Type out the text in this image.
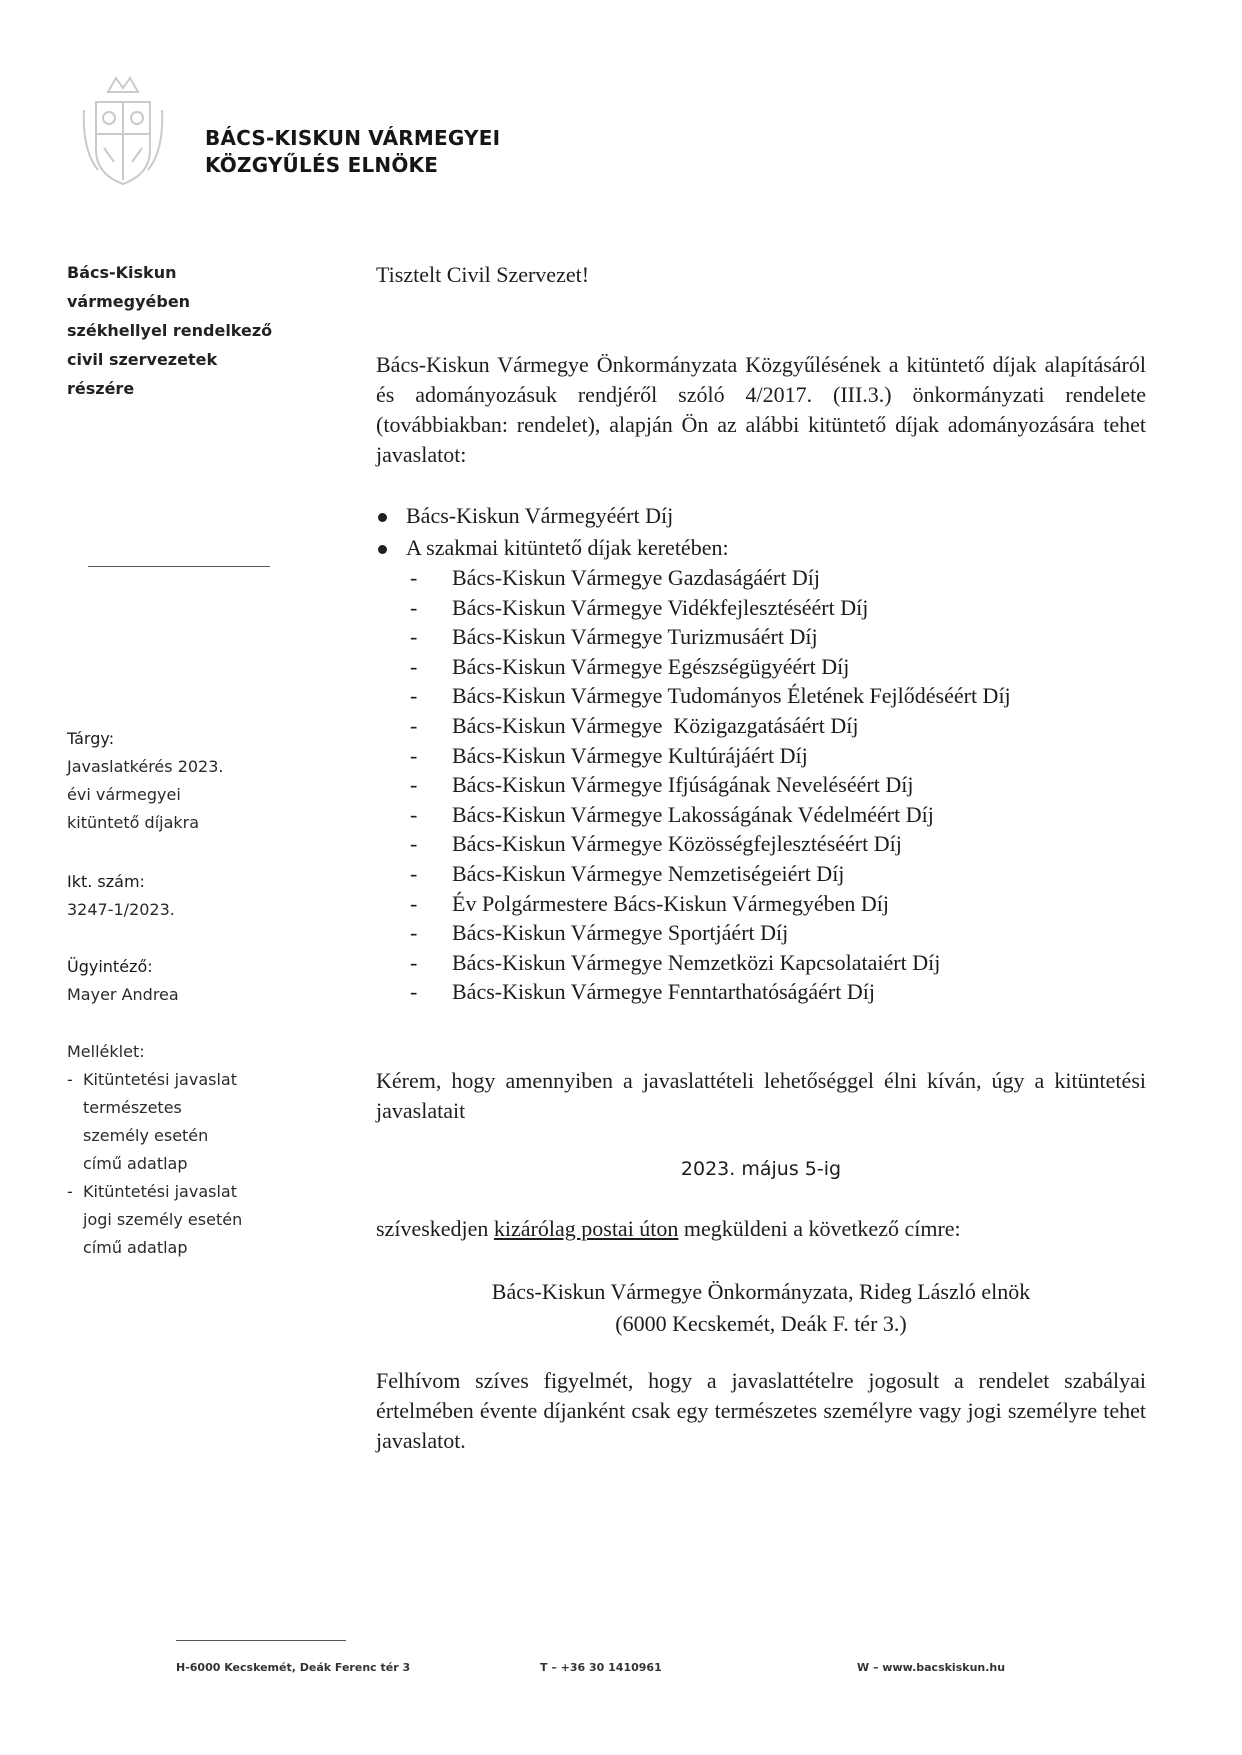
BÁCS-KISKUN VÁRMEGYEI
KÖZGYŰLÉS ELNÖKE
Bács-Kiskun
vármegyében
székhellyel rendelkező
civil szervezetek
részére
Tárgy:
Javaslatkérés 2023.
évi vármegyei
kitüntető díjakra
Ikt. szám:
3247-1/2023.
Ügyintéző:
Mayer Andrea
Melléklet:
- Kitüntetési javaslat
természetes
személy esetén
című adatlap
- Kitüntetési javaslat
jogi személy esetén
című adatlap
Tisztelt Civil Szervezet!
Bács-Kiskun Vármegye Önkormányzata Közgyűlésének a kitüntető díjak alapításáról és adományozásuk rendjéről szóló 4/2017. (III.3.) önkormányzati rendelete (továbbiakban: rendelet), alapján Ön az alábbi kitüntető díjak adományozására tehet javaslatot:
Bács-Kiskun Vármegyéért Díj
A szakmai kitüntető díjak keretében:
- Bács-Kiskun Vármegye Gazdaságáért Díj
- Bács-Kiskun Vármegye Vidékfejlesztéséért Díj
- Bács-Kiskun Vármegye Turizmusáért Díj
- Bács-Kiskun Vármegye Egészségügyéért Díj
- Bács-Kiskun Vármegye Tudományos Életének Fejlődéséért Díj
- Bács-Kiskun Vármegye  Közigazgatásáért Díj
- Bács-Kiskun Vármegye Kultúrájáért Díj
- Bács-Kiskun Vármegye Ifjúságának Neveléséért Díj
- Bács-Kiskun Vármegye Lakosságának Védelméért Díj
- Bács-Kiskun Vármegye Közösségfejlesztéséért Díj
- Bács-Kiskun Vármegye Nemzetiségeiért Díj
- Év Polgármestere Bács-Kiskun Vármegyében Díj
- Bács-Kiskun Vármegye Sportjáért Díj
- Bács-Kiskun Vármegye Nemzetközi Kapcsolataiért Díj
- Bács-Kiskun Vármegye Fenntarthatóságáért Díj
Kérem, hogy amennyiben a javaslattételi lehetőséggel élni kíván, úgy a kitüntetési javaslatait
2023. május 5-ig
szíveskedjen kizárólag postai úton megküldeni a következő címre:
Bács-Kiskun Vármegye Önkormányzata, Rideg László elnök
(6000 Kecskemét, Deák F. tér 3.)
Felhívom szíves figyelmét, hogy a javaslattételre jogosult a rendelet szabályai értelmében évente díjanként csak egy természetes személyre vagy jogi személyre tehet javaslatot.
H-6000 Kecskemét, Deák Ferenc tér 3	T – +36 30 1410961	W – www.bacskiskun.hu
